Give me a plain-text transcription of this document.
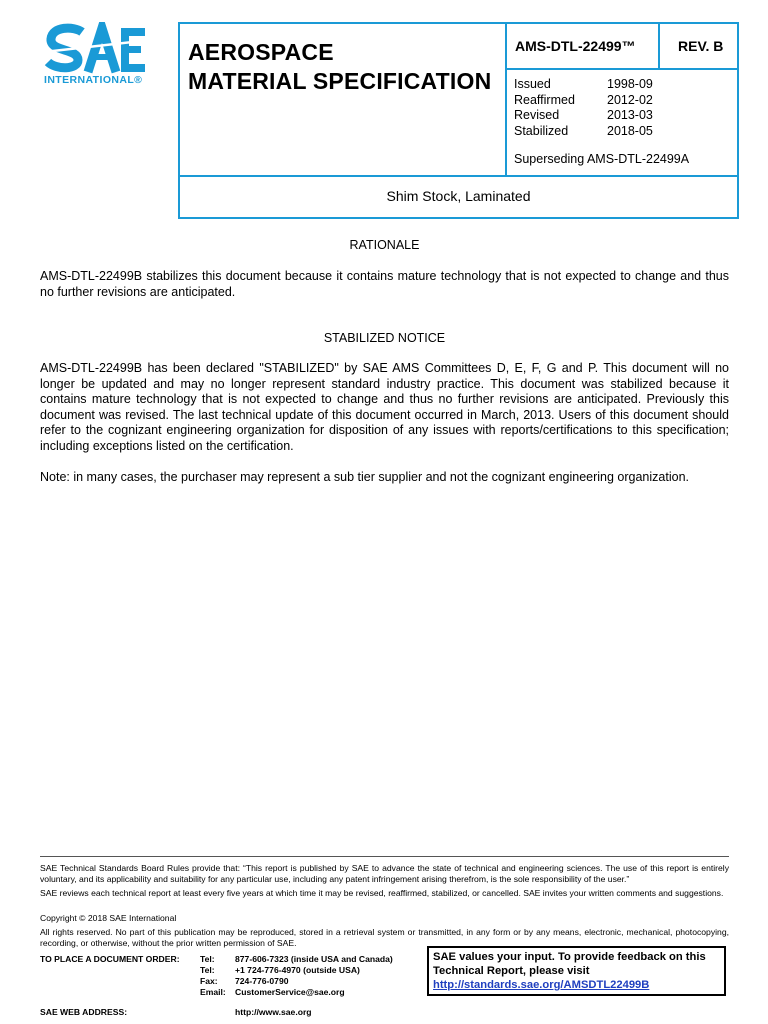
INTERNATIONAL®
AEROSPACE
MATERIAL SPECIFICATION
AMS-DTL-22499™	REV. B
Issued	1998-09
Reaffirmed	2012-02
Revised	2013-03
Stabilized	2018-05
Superseding AMS-DTL-22499A
Shim Stock, Laminated
RATIONALE
AMS-DTL-22499B stabilizes this document because it contains mature technology that is not expected to change and thus no further revisions are anticipated.
STABILIZED NOTICE
AMS-DTL-22499B has been declared "STABILIZED" by SAE AMS Committees D, E, F, G and P. This document will no longer be updated and may no longer represent standard industry practice. This document was stabilized because it contains mature technology that is not expected to change and thus no further revisions are anticipated. Previously this document was revised. The last technical update of this document occurred in March, 2013. Users of this document should refer to the cognizant engineering organization for disposition of any issues with reports/certifications to this specification; including exceptions listed on the certification.
Note: in many cases, the purchaser may represent a sub tier supplier and not the cognizant engineering organization.
SAE Technical Standards Board Rules provide that: “This report is published by SAE to advance the state of technical and engineering sciences. The use of this report is entirely voluntary, and its applicability and suitability for any particular use, including any patent infringement arising therefrom, is the sole responsibility of the user.”
SAE reviews each technical report at least every five years at which time it may be revised, reaffirmed, stabilized, or cancelled. SAE invites your written comments and suggestions.
Copyright © 2018 SAE International
All rights reserved. No part of this publication may be reproduced, stored in a retrieval system or transmitted, in any form or by any means, electronic, mechanical, photocopying, recording, or otherwise, without the prior written permission of SAE.
TO PLACE A DOCUMENT ORDER:	Tel:	877-606-7323 (inside USA and Canada)
Tel:	+1 724-776-4970 (outside USA)
Fax:	724-776-0790
Email:	CustomerService@sae.org
SAE WEB ADDRESS:	http://www.sae.org
SAE values your input. To provide feedback on this
Technical Report, please visit
http://standards.sae.org/AMSDTL22499B
